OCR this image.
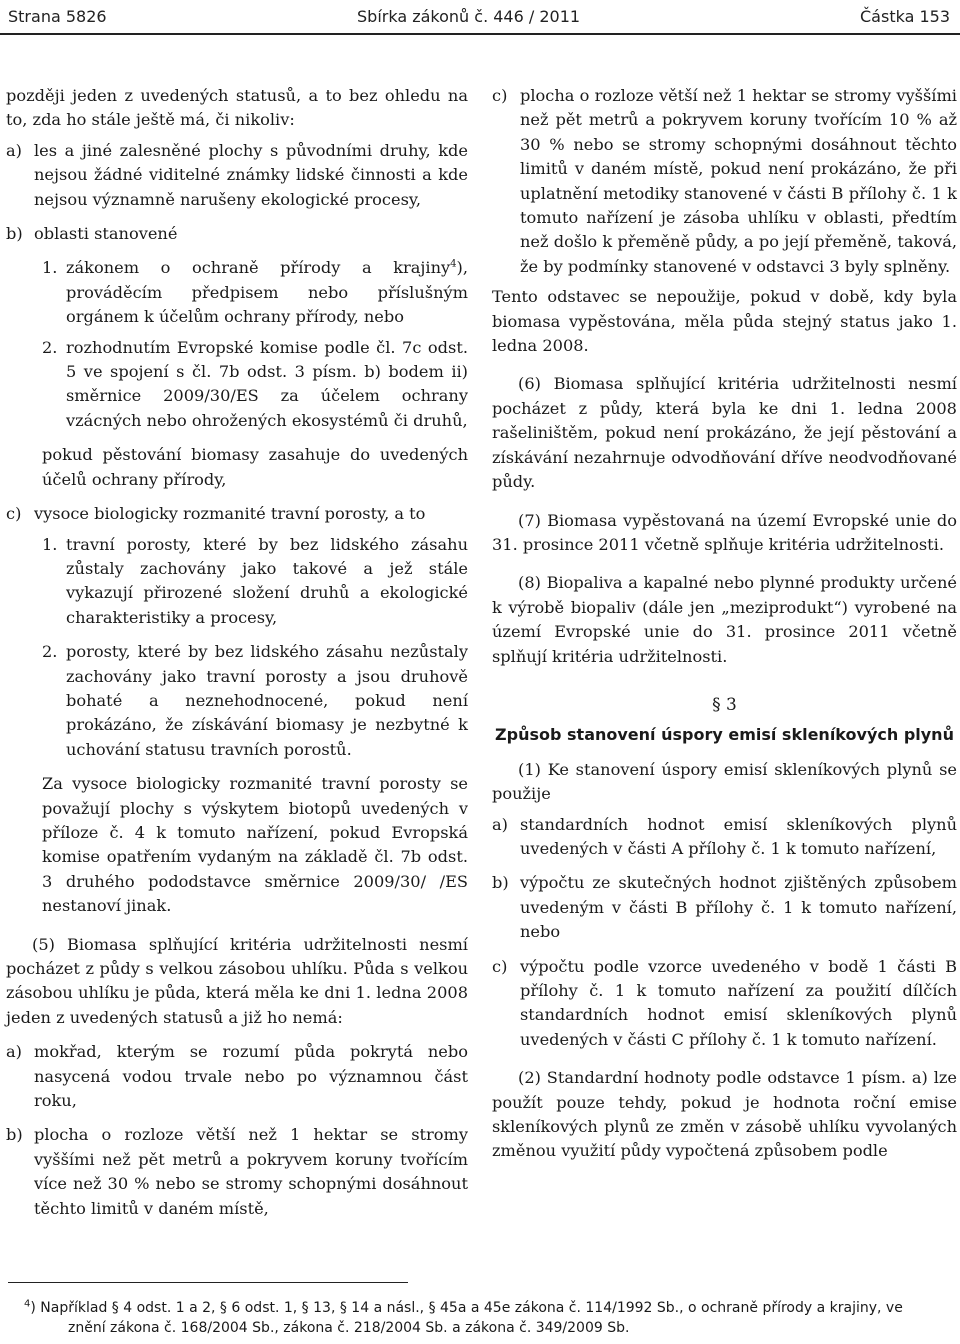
Strana 5826	Sbírka zákonů č. 446 / 2011	Částka 153

později jeden z uvedených statusů, a to bez ohledu na to, zda ho stále ještě má, či nikoliv:

a) les a jiné zalesněné plochy s původními druhy, kde nejsou žádné viditelné známky lidské činnosti a kde nejsou významně narušeny ekologické procesy,
b) oblasti stanovené
1. zákonem o ochraně přírody a krajiny$^4$), prováděcím předpisem nebo příslušným orgánem k účelům ochrany přírody, nebo
2. rozhodnutím Evropské komise podle čl. 7c odst. 5 ve spojení s čl. 7b odst. 3 písm. b) bodem ii) směrnice 2009/30/ES za účelem ochrany vzácných nebo ohrožených ekosystémů či druhů,

pokud pěstování biomasy zasahuje do uvedených účelů ochrany přírody,

c) vysoce biologicky rozmanité travní porosty, a to
1. travní porosty, které by bez lidského zásahu zůstaly zachovány jako takové a jež stále vykazují přirozené složení druhů a ekologické charakteristiky a procesy,
2. porosty, které by bez lidského zásahu nezůstaly zachovány jako travní porosty a jsou druhově bohaté a neznehodnocené, pokud není prokázáno, že získávání biomasy je nezbytné k uchování statusu travních porostů.

Za vysoce biologicky rozmanité travní porosty se považují plochy s výskytem biotopů uvedených v příloze č. 4 k tomuto nařízení, pokud Evropská komise opatřením vydaným na základě čl. 7b odst. 3 druhého pododstavce směrnice 2009/30/ /ES nestanoví jinak.

(5) Biomasa splňující kritéria udržitelnosti nesmí pocházet z půdy s velkou zásobou uhlíku. Půda s velkou zásobou uhlíku je půda, která měla ke dni 1. ledna 2008 jeden z uvedených statusů a již ho nemá:

a) mokřad, kterým se rozumí půda pokrytá nebo nasycená vodou trvale nebo po významnou část roku,
b) plocha o rozloze větší než 1 hektar se stromy vyššími než pět metrů a pokryvem koruny tvořícím více než 30 % nebo se stromy schopnými dosáhnout těchto limitů v daném místě,
c) plocha o rozloze větší než 1 hektar se stromy vyššími než pět metrů a pokryvem koruny tvořícím 10 % až 30 % nebo se stromy schopnými dosáhnout těchto limitů v daném místě, pokud není prokázáno, že při uplatnění metodiky stanovené v části B přílohy č. 1 k tomuto nařízení je zásoba uhlíku v oblasti, předtím než došlo k přeměně půdy, a po její přeměně, taková, že by podmínky stanovené v odstavci 3 byly splněny.

Tento odstavec se nepoužije, pokud v době, kdy byla biomasa vypěstována, měla půda stejný status jako 1. ledna 2008.

(6) Biomasa splňující kritéria udržitelnosti nesmí pocházet z půdy, která byla ke dni 1. ledna 2008 rašeliništěm, pokud není prokázáno, že její pěstování a získávání nezahrnuje odvodňování dříve neodvodňované půdy.

(7) Biomasa vypěstovaná na území Evropské unie do 31. prosince 2011 včetně splňuje kritéria udržitelnosti.

(8) Biopaliva a kapalné nebo plynné produkty určené k výrobě biopaliv (dále jen „meziprodukt“) vyrobené na území Evropské unie do 31. prosince 2011 včetně splňují kritéria udržitelnosti.

§ 3
Způsob stanovení úspory emisí skleníkových plynů

(1) Ke stanovení úspory emisí skleníkových plynů se použije

a) standardních hodnot emisí skleníkových plynů uvedených v části A přílohy č. 1 k tomuto nařízení,
b) výpočtu ze skutečných hodnot zjištěných způsobem uvedeným v části B přílohy č. 1 k tomuto nařízení, nebo
c) výpočtu podle vzorce uvedeného v bodě 1 části B přílohy č. 1 k tomuto nařízení za použití dílčích standardních hodnot emisí skleníkových plynů uvedených v části C přílohy č. 1 k tomuto nařízení.

(2) Standardní hodnoty podle odstavce 1 písm. a) lze použít pouze tehdy, pokud je hodnota roční emise skleníkových plynů ze změn v zásobě uhlíku vyvolaných změnou využití půdy vypočtená způsobem podle

$^4$) Například § 4 odst. 1 a 2, § 6 odst. 1, § 13, § 14 a násl., § 45a a 45e zákona č. 114/1992 Sb., o ochraně přírody a krajiny, ve
znění zákona č. 168/2004 Sb., zákona č. 218/2004 Sb. a zákona č. 349/2009 Sb.
